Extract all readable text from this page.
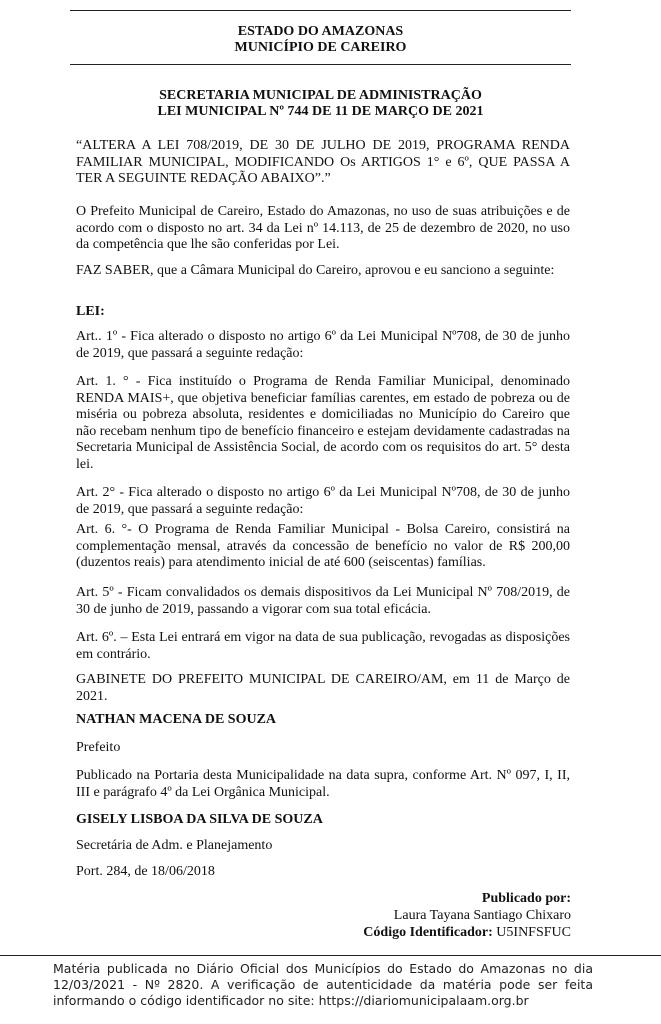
ESTADO DO AMAZONAS
MUNICÍPIO DE CAREIRO
SECRETARIA MUNICIPAL DE ADMINISTRAÇÃO
LEI MUNICIPAL Nº 744 DE 11 DE MARÇO DE 2021

“ALTERA A LEI 708/2019, DE 30 DE JULHO DE 2019, PROGRAMA RENDA FAMILIAR MUNICIPAL, MODIFICANDO Os ARTIGOS 1° e 6º, QUE PASSA A TER A SEGUINTE REDAÇÃO ABAIXO”.”

O Prefeito Municipal de Careiro, Estado do Amazonas, no uso de suas atribuições e de acordo com o disposto no art. 34 da Lei nº 14.113, de 25 de dezembro de 2020, no uso da competência que lhe são conferidas por Lei.

FAZ SABER, que a Câmara Municipal do Careiro, aprovou e eu sanciono a seguinte:

LEI:

Art.. 1º - Fica alterado o disposto no artigo 6º da Lei Municipal Nº708, de 30 de junho de 2019, que passará a seguinte redação:

Art. 1. ° - Fica instituído o Programa de Renda Familiar Municipal, denominado RENDA MAIS+, que objetiva beneficiar famílias carentes, em estado de pobreza ou de miséria ou pobreza absoluta, residentes e domiciliadas no Município do Careiro que não recebam nenhum tipo de benefício financeiro e estejam devidamente cadastradas na Secretaria Municipal de Assistência Social, de acordo com os requisitos do art. 5° desta lei.

Art. 2° - Fica alterado o disposto no artigo 6º da Lei Municipal Nº708, de 30 de junho de 2019, que passará a seguinte redação:

Art. 6. °- O Programa de Renda Familiar Municipal - Bolsa Careiro, consistirá na complementação mensal, através da concessão de benefício no valor de R$ 200,00 (duzentos reais) para atendimento inicial de até 600 (seiscentas) famílias.

Art. 5º - Ficam convalidados os demais dispositivos da Lei Municipal Nº 708/2019, de 30 de junho de 2019, passando a vigorar com sua total eficácia.

Art. 6º. – Esta Lei entrará em vigor na data de sua publicação, revogadas as disposições em contrário.

GABINETE DO PREFEITO MUNICIPAL DE CAREIRO/AM, em 11 de Março de 2021.

NATHAN MACENA DE SOUZA

Prefeito

Publicado na Portaria desta Municipalidade na data supra, conforme Art. Nº 097, I, II, III e parágrafo 4º da Lei Orgânica Municipal.

GISELY LISBOA DA SILVA DE SOUZA

Secretária de Adm. e Planejamento

Port. 284, de 18/06/2018

Publicado por:
Laura Tayana Santiago Chixaro
Código Identificador: U5INFSFUC
Matéria publicada no Diário Oficial dos Municípios do Estado do Amazonas no dia 12/03/2021 - Nº 2820. A verificação de autenticidade da matéria pode ser feita informando o código identificador no site: https://diariomunicipalaam.org.br
